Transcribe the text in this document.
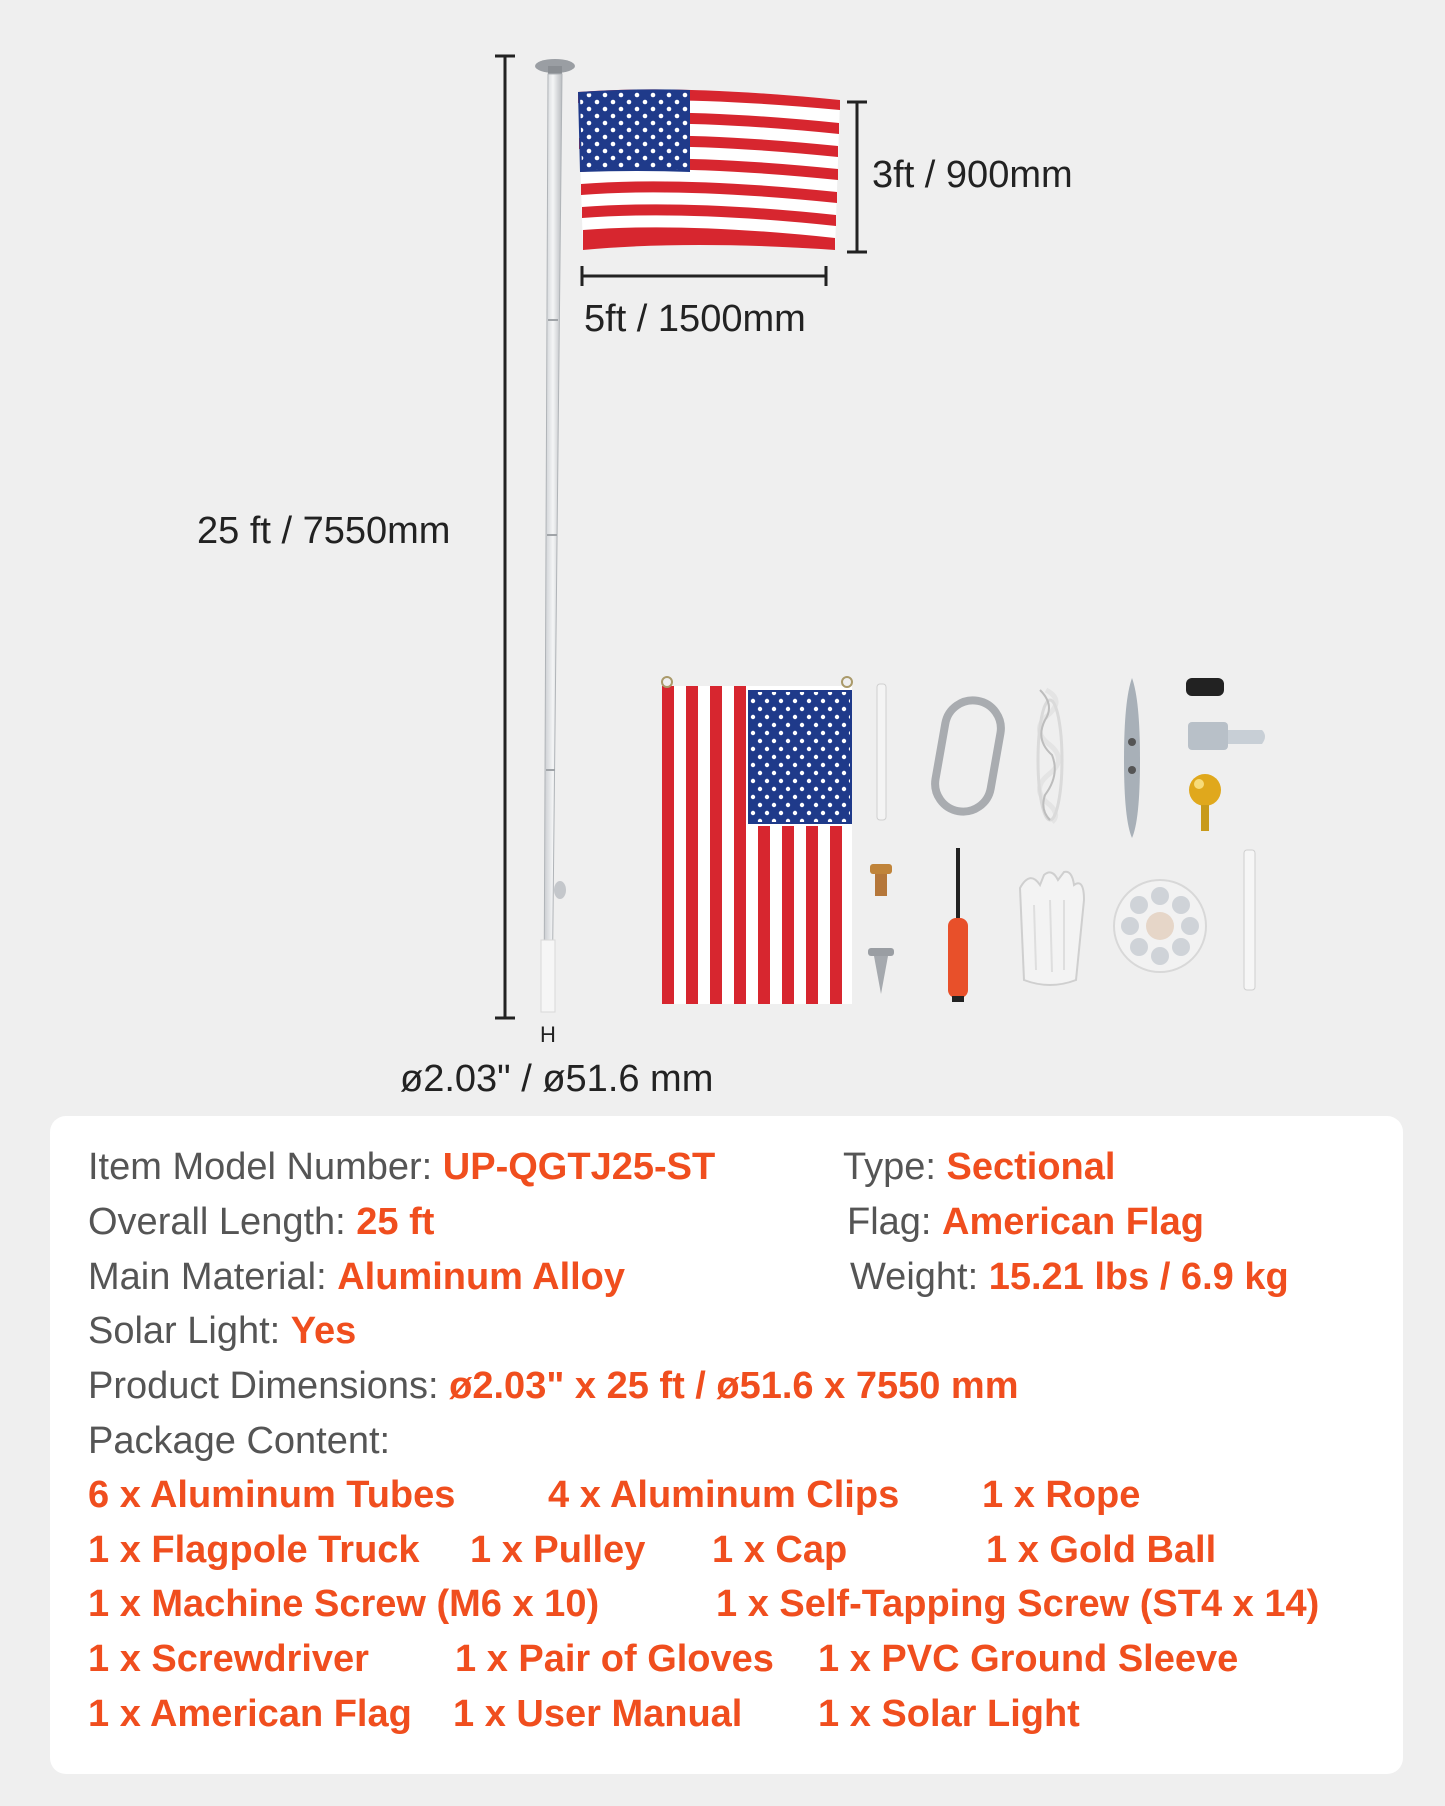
25 ft / 7550mm
3ft / 900mm
5ft / 1500mm
H
ø2.03" / ø51.6 mm
Item Model Number: UP-QGTJ25-ST	Type: Sectional
Overall Length: 25 ft	Flag: American Flag
Main Material: Aluminum Alloy	Weight: 15.21 lbs / 6.9 kg
Solar Light: Yes
Product Dimensions: ø2.03" x 25 ft / ø51.6 x 7550 mm
Package Content:
6 x Aluminum Tubes 4 x Aluminum Clips 1 x Rope
1 x Flagpole Truck 1 x Pulley 1 x Cap	1 x Gold Ball
1 x Machine Screw (M6 x 10)	1 x Self-Tapping Screw (ST4 x 14)
1 x Screwdriver 1 x Pair of Gloves 1 x PVC Ground Sleeve
1 x American Flag 1 x User Manual 1 x Solar Light
